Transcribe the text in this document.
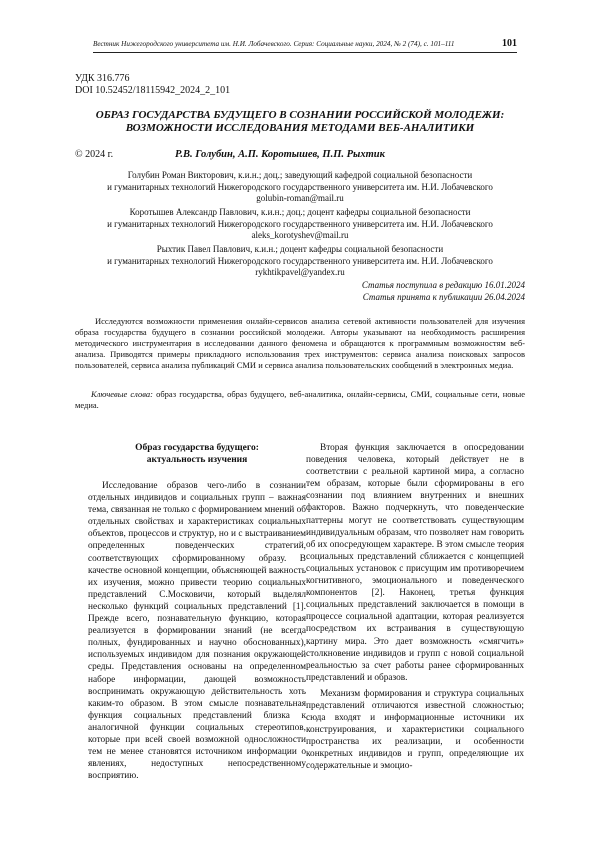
Вестник Нижегородского университета им. Н.И. Лобачевского. Серия: Социальные науки, 2024, № 2 (74), с. 101–111	101
УДК 316.776
DOI 10.52452/18115942_2024_2_101
ОБРАЗ ГОСУДАРСТВА БУДУЩЕГО В СОЗНАНИИ РОССИЙСКОЙ МОЛОДЕЖИ:
ВОЗМОЖНОСТИ ИССЛЕДОВАНИЯ МЕТОДАМИ ВЕБ-АНАЛИТИКИ
© 2024 г.	Р.В. Голубин, А.П. Коротышев, П.П. Рыхтик
Голубин Роман Викторович, к.и.н.; доц.; заведующий кафедрой социальной безопасности
и гуманитарных технологий Нижегородского государственного университета им. Н.И. Лобачевского
golubin-roman@mail.ru
Коротышев Александр Павлович, к.и.н.; доц.; доцент кафедры социальной безопасности
и гуманитарных технологий Нижегородского государственного университета им. Н.И. Лобачевского
aleks_korotyshev@mail.ru
Рыхтик Павел Павлович, к.и.н.; доцент кафедры социальной безопасности
и гуманитарных технологий Нижегородского государственного университета им. Н.И. Лобачевского
rykhtikpavel@yandex.ru
Статья поступила в редакцию 16.01.2024
Статья принята к публикации 26.04.2024

Исследуются возможности применения онлайн-сервисов анализа сетевой активности пользователей для изучения образа государства будущего в сознании российской молодежи. Авторы указывают на необходимость расширения методического инструментария в исследовании данного феномена и обращаются к программным возможностям веб-анализа. Приводятся примеры прикладного использования трех инструментов: сервиса анализа поисковых запросов пользователей, сервиса анализа публикаций СМИ и сервиса анализа пользовательских сообщений в электронных медиа.

Ключевые слова: образ государства, образ будущего, веб-аналитика, онлайн-сервисы, СМИ, социальные сети, новые медиа.

Образ государства будущего:
актуальность изучения

Исследование образов чего-либо в сознании отдельных индивидов и социальных групп – важная тема, связанная не только с формированием мнений об отдельных свойствах и характеристиках социальных объектов, процессов и структур, но и с выстраиванием определенных поведенческих стратегий, соответствующих сформированному образу. В качестве основной концепции, объясняющей важность их изучения, можно привести теорию социальных представлений С.Московичи, который выделял несколько функций социальных представлений [1]. Прежде всего, познавательную функцию, которая реализуется в формировании знаний (не всегда полных, фундированных и научно обоснованных), используемых индивидом для познания окружающей среды. Представления основаны на определенном наборе информации, дающей возможность воспринимать окружающую действительность хоть каким-то образом. В этом смысле познавательная функция социальных представлений близка к аналогичной функции социальных стереотипов, которые при всей своей возможной односложности тем не менее становятся источником информации о явлениях, недоступных непосредственному восприятию.

Вторая функция заключается в опосредовании поведения человека, который действует не в соответствии с реальной картиной мира, а согласно тем образам, которые были сформированы в его сознании под влиянием внутренних и внешних факторов. Важно подчеркнуть, что поведенческие паттерны могут не соответствовать существующим индивидуальным образам, что позволяет нам говорить об их опосредующем характере. В этом смысле теория социальных представлений сближается с концепцией социальных установок с присущим им противоречием когнитивного, эмоционального и поведенческого компонентов [2]. Наконец, третья функция социальных представлений заключается в помощи в процессе социальной адаптации, которая реализуется посредством их встраивания в существующую картину мира. Это дает возможность «смягчить» столкновение индивидов и групп с новой социальной реальностью за счет работы ранее сформированных представлений и образов.

Механизм формирования и структура социальных представлений отличаются известной сложностью; сюда входят и информационные источники их конструирования, и характеристики социального пространства их реализации, и особенности конкретных индивидов и групп, определяющие их содержательные и эмоцио-
